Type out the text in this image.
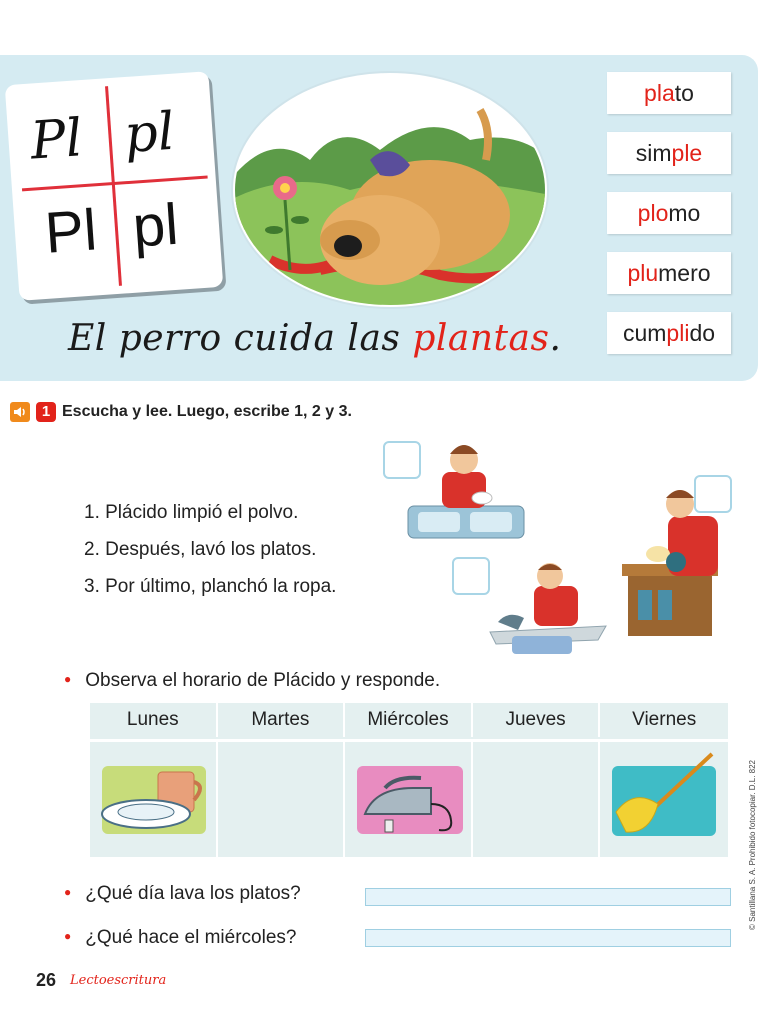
Pl pl
Pl pl
plato
simple
plomo
plumero
cumplido
El perro cuida las plantas.
1 Escucha y lee. Luego, escribe 1, 2 y 3.
1. Plácido limpió el polvo.
2. Después, lavó los platos.
3. Por último, planchó la ropa.
● Observa el horario de Plácido y responde.
Lunes	Martes	Miércoles	Jueves	Viernes
● ¿Qué día lava los platos?
● ¿Qué hace el miércoles?
26 Lectoescritura
© Santillana S. A. Prohibido fotocopiar. D.L. 822
